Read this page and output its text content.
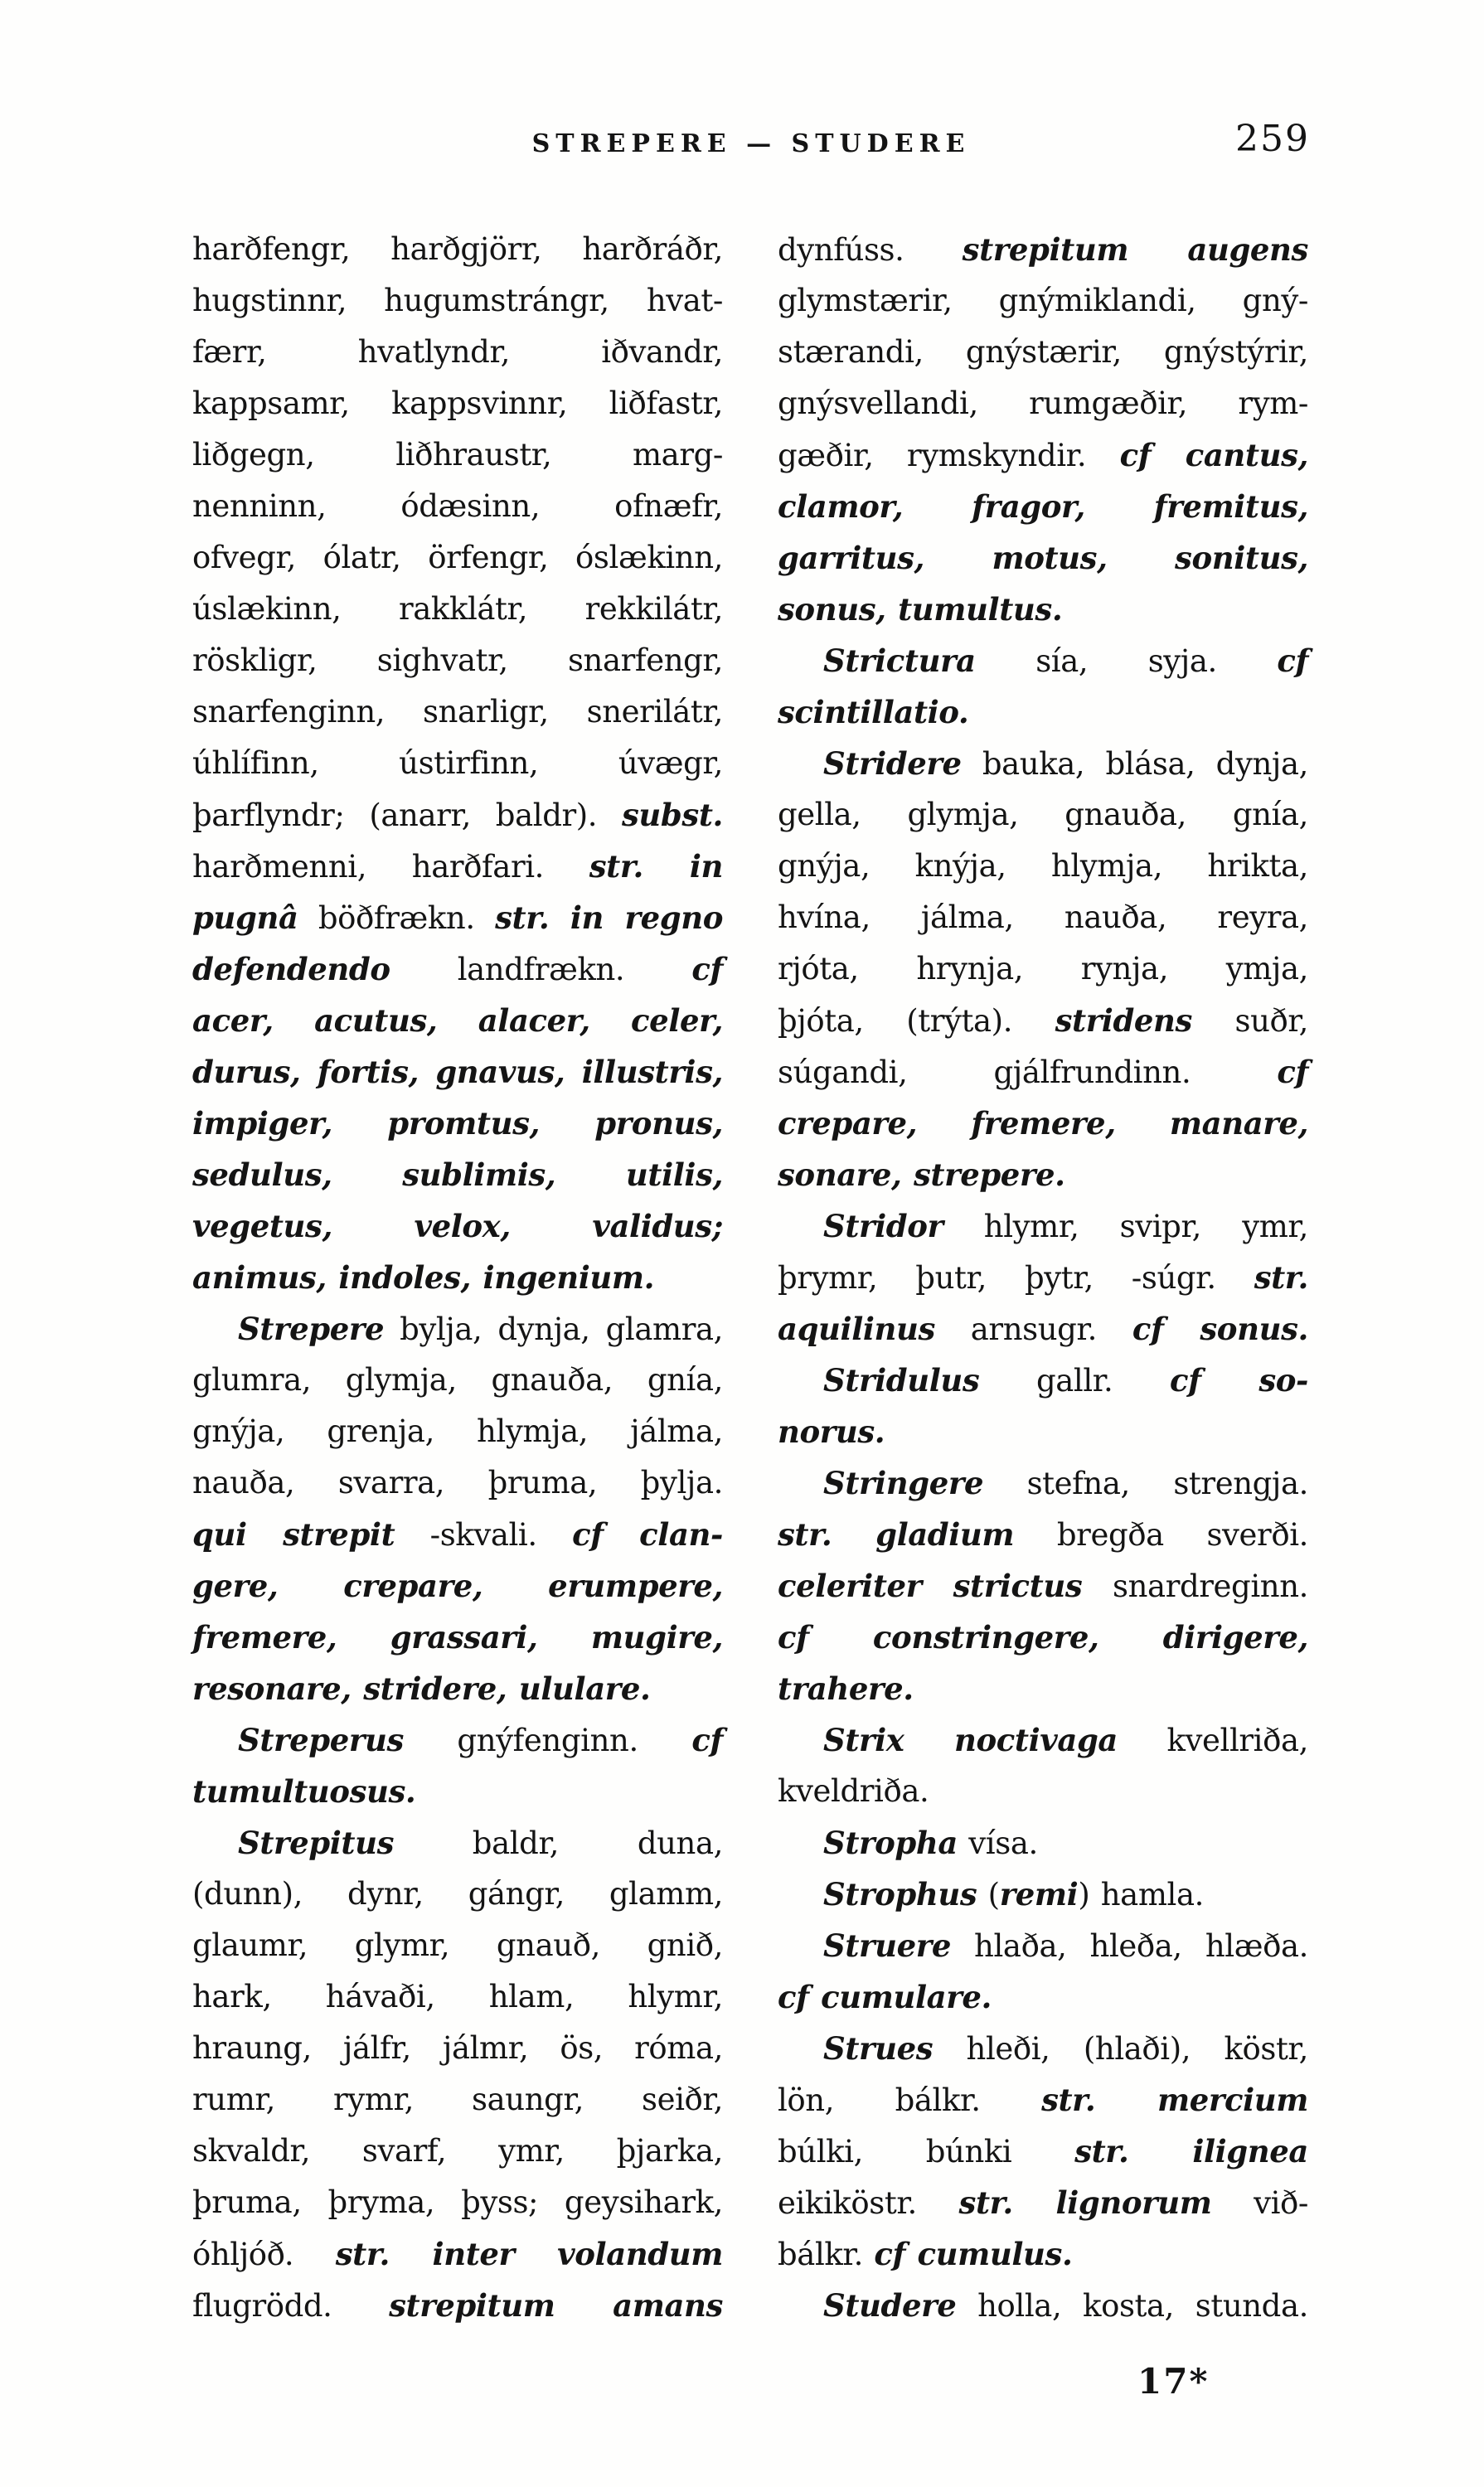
STREPERE — STUDERE	259
harðfengr, harðgjörr, harðráðr,
hugstinnr, hugumstrángr, hvat-
færr, hvatlyndr, iðvandr,
kappsamr, kappsvinnr, liðfastr,
liðgegn, liðhraustr, marg-
nenninn, ódæsinn, ofnæfr,
ofvegr, ólatr, örfengr, óslækinn,
úslækinn, rakklátr, rekkilátr,
röskligr, sighvatr, snarfengr,
snarfenginn, snarligr, snerilátr,
úhlífinn, ústirfinn, úvægr,
þarflyndr; (anarr, baldr). subst.
harðmenni, harðfari. str. in
pugnâ böðfrækn. str. in regno
defendendo landfrækn. cf
acer, acutus, alacer, celer,
durus, fortis, gnavus, illustris,
impiger, promtus, pronus,
sedulus, sublimis, utilis,
vegetus, velox, validus;
animus, indoles, ingenium.
Strepere bylja, dynja, glamra,
glumra, glymja, gnauða, gnía,
gnýja, grenja, hlymja, jálma,
nauða, svarra, þruma, þylja.
qui strepit -skvali. cf clan-
gere, crepare, erumpere,
fremere, grassari, mugire,
resonare, stridere, ululare.
Streperus gnýfenginn. cf
tumultuosus.
Strepitus baldr, duna,
(dunn), dynr, gángr, glamm,
glaumr, glymr, gnauð, gnið,
hark, hávaði, hlam, hlymr,
hraung, jálfr, jálmr, ös, róma,
rumr, rymr, saungr, seiðr,
skvaldr, svarf, ymr, þjarka,
þruma, þryma, þyss; geysihark,
óhljóð. str. inter volandum
flugrödd. strepitum amans
dynfúss. strepitum augens
glymstærir, gnýmiklandi, gný-
stærandi, gnýstærir, gnýstýrir,
gnýsvellandi, rumgæðir, rym-
gæðir, rymskyndir. cf cantus,
clamor, fragor, fremitus,
garritus, motus, sonitus,
sonus, tumultus.
Strictura sía, syja. cf
scintillatio.
Stridere bauka, blása, dynja,
gella, glymja, gnauða, gnía,
gnýja, knýja, hlymja, hrikta,
hvína, jálma, nauða, reyra,
rjóta, hrynja, rynja, ymja,
þjóta, (trýta). stridens suðr,
súgandi, gjálfrundinn. cf
crepare, fremere, manare,
sonare, strepere.
Stridor hlymr, svipr, ymr,
þrymr, þutr, þytr, -súgr. str.
aquilinus arnsugr. cf sonus.
Stridulus gallr. cf so-
norus.
Stringere stefna, strengja.
str. gladium bregða sverði.
celeriter strictus snardreginn.
cf constringere, dirigere,
trahere.
Strix noctivaga kvellriða,
kveldriða.
Stropha vísa.
Strophus (remi) hamla.
Struere hlaða, hleða, hlæða.
cf cumulare.
Strues hleði, (hlaði), köstr,
lön, bálkr. str. mercium
búlki, búnki str. ilignea
eikiköstr. str. lignorum við-
bálkr. cf cumulus.
Studere holla, kosta, stunda.
17*
